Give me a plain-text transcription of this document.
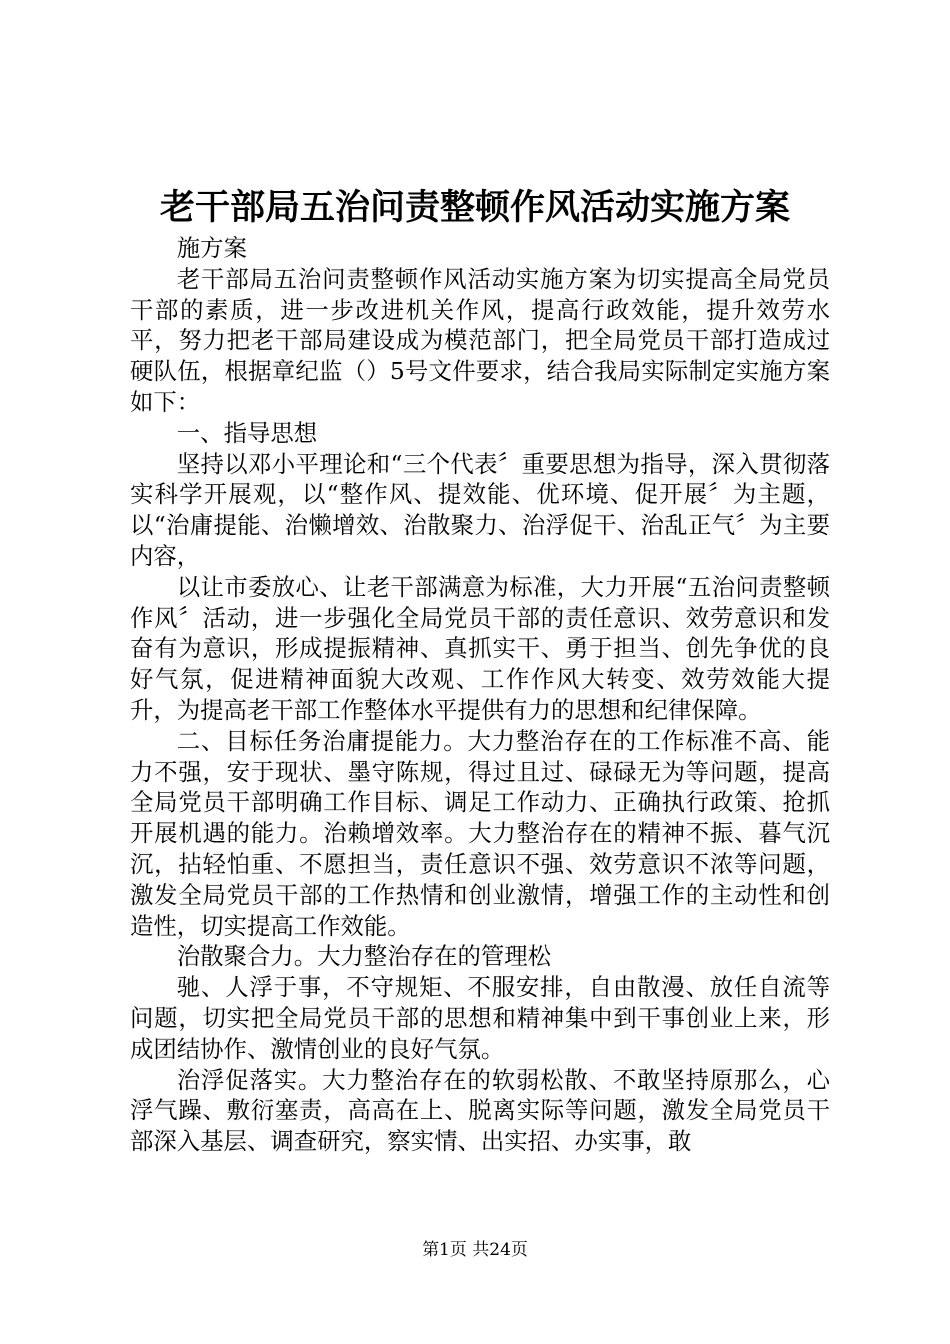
老干部局五治问责整顿作风活动实施方案

施方案

老干部局五治问责整顿作风活动实施方案为切实提高全局党员干部的素质，进一步改进机关作风，提高行政效能，提升效劳水平，努力把老干部局建设成为模范部门，把全局党员干部打造成过硬队伍，根据章纪监（）5号文件要求，结合我局实际制定实施方案如下：

一、指导思想

坚持以邓小平理论和“三个代表〞重要思想为指导，深入贯彻落实科学开展观，以“整作风、提效能、优环境、促开展〞为主题，以“治庸提能、治懒增效、治散聚力、治浮促干、治乱正气〞为主要内容，

以让市委放心、让老干部满意为标准，大力开展“五治问责整顿作风〞活动，进一步强化全局党员干部的责任意识、效劳意识和发奋有为意识，形成提振精神、真抓实干、勇于担当、创先争优的良好气氛，促进精神面貌大改观、工作作风大转变、效劳效能大提升，为提高老干部工作整体水平提供有力的思想和纪律保障。

二、目标任务治庸提能力。大力整治存在的工作标准不高、能力不强，安于现状、墨守陈规，得过且过、碌碌无为等问题，提高全局党员干部明确工作目标、调足工作动力、正确执行政策、抢抓开展机遇的能力。治赖增效率。大力整治存在的精神不振、暮气沉沉，拈轻怕重、不愿担当，责任意识不强、效劳意识不浓等问题，激发全局党员干部的工作热情和创业激情，增强工作的主动性和创造性，切实提高工作效能。

治散聚合力。大力整治存在的管理松

驰、人浮于事，不守规矩、不服安排，自由散漫、放任自流等问题，切实把全局党员干部的思想和精神集中到干事创业上来，形成团结协作、激情创业的良好气氛。

治浮促落实。大力整治存在的软弱松散、不敢坚持原那么，心浮气躁、敷衍塞责，高高在上、脱离实际等问题，激发全局党员干部深入基层、调查研究，察实情、出实招、办实事，敢

第1页 共24页
